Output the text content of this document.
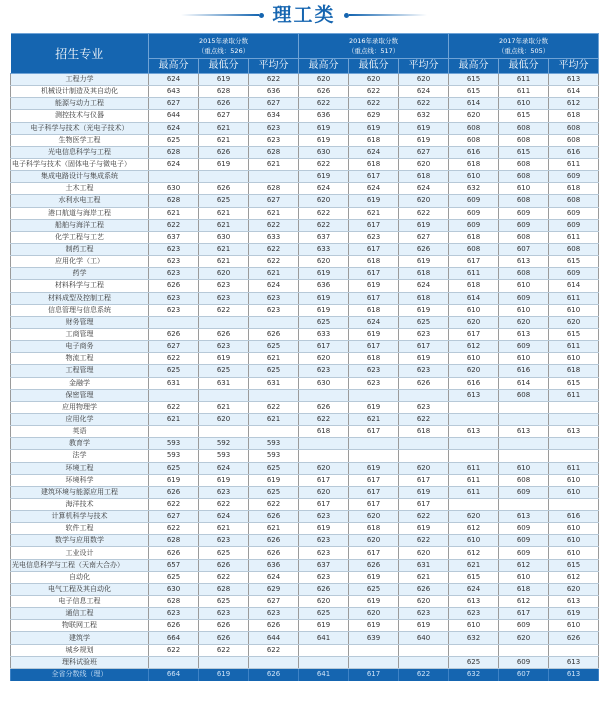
理工类
招生专业	2015年录取分数
（重点线：526）			2016年录取分数
（重点线：517）			2017年录取分数
（重点线：505）		
	最高分	最低分	平均分	最高分	最低分	平均分	最高分	最低分	平均分
工程力学	624	619	622	620	620	620	615	611	613
机械设计制造及其自动化	643	628	636	626	622	624	615	611	614
能源与动力工程	627	626	627	622	622	622	614	610	612
测控技术与仪器	644	627	634	636	629	632	620	615	618
电子科学与技术（光电子技术）	624	621	623	619	619	619	608	608	608
生物医学工程	625	621	623	619	618	619	608	608	608
光电信息科学与工程	628	626	628	630	624	627	616	615	616
电子科学与技术（固体电子与微电子）	624	619	621	622	618	620	618	608	611
集成电路设计与集成系统				619	617	618	610	608	609
土木工程	630	626	628	624	624	624	632	610	618
水利水电工程	628	625	627	620	619	620	609	608	608
港口航道与海岸工程	621	621	621	622	621	622	609	609	609
船舶与海洋工程	622	621	622	622	617	619	609	609	609
化学工程与工艺	637	630	633	637	623	627	618	608	611
制药工程	623	621	622	633	617	626	608	607	608
应用化学（工）	623	621	622	620	618	619	617	613	615
药学	623	620	621	619	617	618	611	608	609
材料科学与工程	626	623	624	636	619	624	618	610	614
材料成型及控制工程	623	623	623	619	617	618	614	609	611
信息管理与信息系统	623	622	623	619	618	619	610	610	610
财务管理				625	624	625	620	620	620
工商管理	626	626	626	633	619	623	617	613	615
电子商务	627	623	625	617	617	617	612	609	611
物流工程	622	619	621	620	618	619	610	610	610
工程管理	625	625	625	623	623	623	620	616	618
金融学	631	631	631	630	623	626	616	614	615
保密管理							613	608	611
应用物理学	622	621	622	626	619	623			
应用化学	621	620	621	622	621	622			
英语				618	617	618	613	613	613
教育学	593	592	593						
法学	593	593	593						
环境工程	625	624	625	620	619	620	611	610	611
环境科学	619	619	619	617	617	617	611	608	610
建筑环境与能源应用工程	626	623	625	620	617	619	611	609	610
海洋技术	622	622	622	617	617	617			
计算机科学与技术	627	624	626	623	620	622	620	613	616
软件工程	622	621	621	619	618	619	612	609	610
数学与应用数学	628	623	626	623	620	622	610	609	610
工业设计	626	625	626	623	617	620	612	609	610
光电信息科学与工程（天南大合办）	657	626	636	637	626	631	621	612	615
自动化	625	622	624	623	619	621	615	610	612
电气工程及其自动化	630	628	629	626	625	626	624	618	620
电子信息工程	628	625	627	620	619	620	613	612	613
通信工程	623	623	623	625	620	623	623	617	619
物联网工程	626	626	626	619	619	619	610	609	610
建筑学	664	626	644	641	639	640	632	620	626
城乡规划	622	622	622						
理科试验班							625	609	613
全省分数线（理）	664	619	626	641	617	622	632	607	613
